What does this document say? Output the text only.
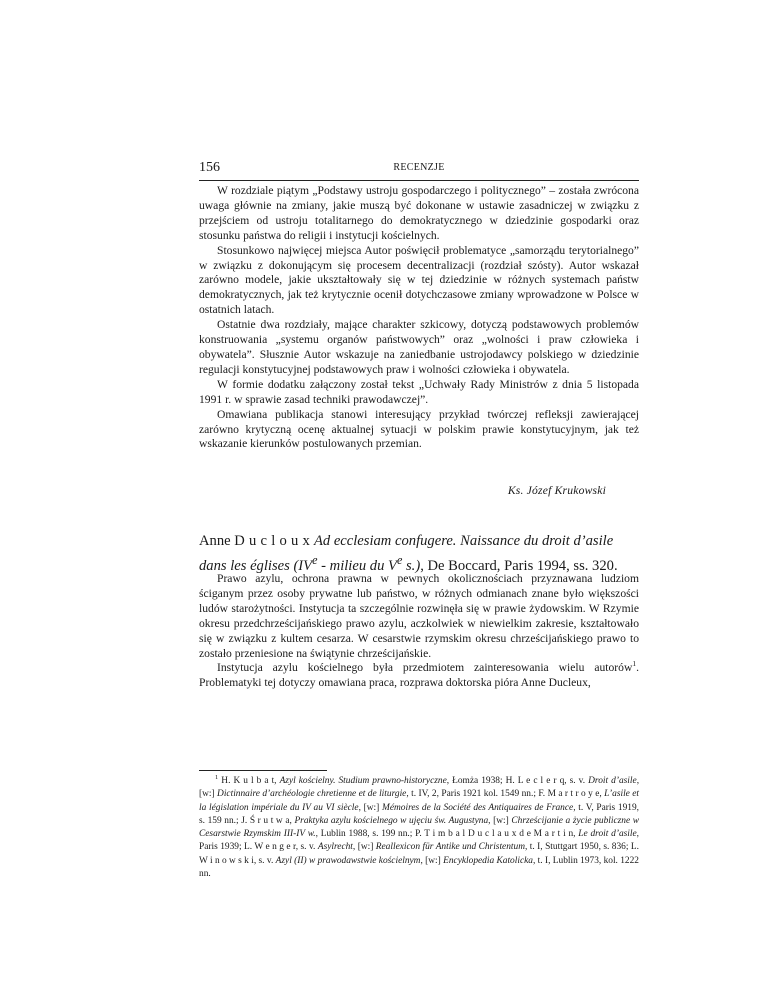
156	RECENZJE

W rozdziale piątym „Podstawy ustroju gospodarczego i politycznego” – została zwrócona uwaga głównie na zmiany, jakie muszą być dokonane w ustawie zasadniczej w związku z przejściem od ustroju totalitarnego do demokratycznego w dziedzinie gospodarki oraz stosunku państwa do religii i instytucji kościelnych.

Stosunkowo najwięcej miejsca Autor poświęcił problematyce „samorządu terytorialnego” w związku z dokonującym się procesem decentralizacji (rozdział szósty). Autor wskazał zarówno modele, jakie ukształtowały się w tej dziedzinie w różnych systemach państw demokratycznych, jak też krytycznie ocenił dotychczasowe zmiany wprowadzone w Polsce w ostatnich latach.

Ostatnie dwa rozdziały, mające charakter szkicowy, dotyczą podstawowych problemów konstruowania „systemu organów państwowych” oraz „wolności i praw człowieka i obywatela”. Słusznie Autor wskazuje na zaniedbanie ustrojodawcy polskiego w dziedzinie regulacji konstytucyjnej podstawowych praw i wolności człowieka i obywatela.

W formie dodatku załączony został tekst „Uchwały Rady Ministrów z dnia 5 listopada 1991 r. w sprawie zasad techniki prawodawczej”.

Omawiana publikacja stanowi interesujący przykład twórczej refleksji zawierającej zarówno krytyczną ocenę aktualnej sytuacji w polskim prawie konstytucyjnym, jak też wskazanie kierunków postulowanych przemian.

Ks. Józef Krukowski
Anne DuclouxAd ecclesiam confugere. Naissance du droit d’asile dans les églises (IVe - milieu du Ve s.), De Boccard, Paris 1994, ss. 320.

Prawo azylu, ochrona prawna w pewnych okolicznościach przyznawana ludziom ściganym przez osoby prywatne lub państwo, w różnych odmianach znane było większości ludów starożytności. Instytucja ta szczególnie rozwinęła się w prawie żydowskim. W Rzymie okresu przedchrześcijańskiego prawo azylu, aczkolwiek w niewielkim zakresie, kształtowało się w związku z kultem cesarza. W cesarstwie rzymskim okresu chrześcijańskiego prawo to zostało przeniesione na świątynie chrześcijańskie.

Instytucja azylu kościelnego była przedmiotem zainteresowania wielu autorów$^1$. Problematyki tej dotyczy omawiana praca, rozprawa doktorska pióra Anne Ducleux,

$^1$ H. K u l b a t, Azyl kościelny. Studium prawno-historyczne, Łomża 1938; H. L e c l e r q, s. v. Droit d’asile, [w:] Dictinnaire d’archéologie chretienne et de liturgie, t. IV, 2, Paris 1921 kol. 1549 nn.; F. M a r t r o y e, L’asile et la législation impériale du IV au VI siècle, [w:] Mémoires de la Société des Antiquaires de France, t. V, Paris 1919, s. 159 nn.; J. Ś r u t w a, Praktyka azylu kościelnego w ujęciu św. Augustyna, [w:] Chrześcijanie a życie publiczne w Cesarstwie Rzymskim III-IV w., Lublin 1988, s. 199 nn.; P. T i m b a l D u c l a u x d e M a r t i n, Le droit d’asile, Paris 1939; L. W e n g e r, s. v. Asylrecht, [w:] Reallexicon für Antike und Christentum, t. I, Stuttgart 1950, s. 836; L. W i n o w s k i, s. v. Azyl (II) w prawodawstwie kościelnym, [w:] Encyklopedia Katolicka, t. I, Lublin 1973, kol. 1222 nn.
